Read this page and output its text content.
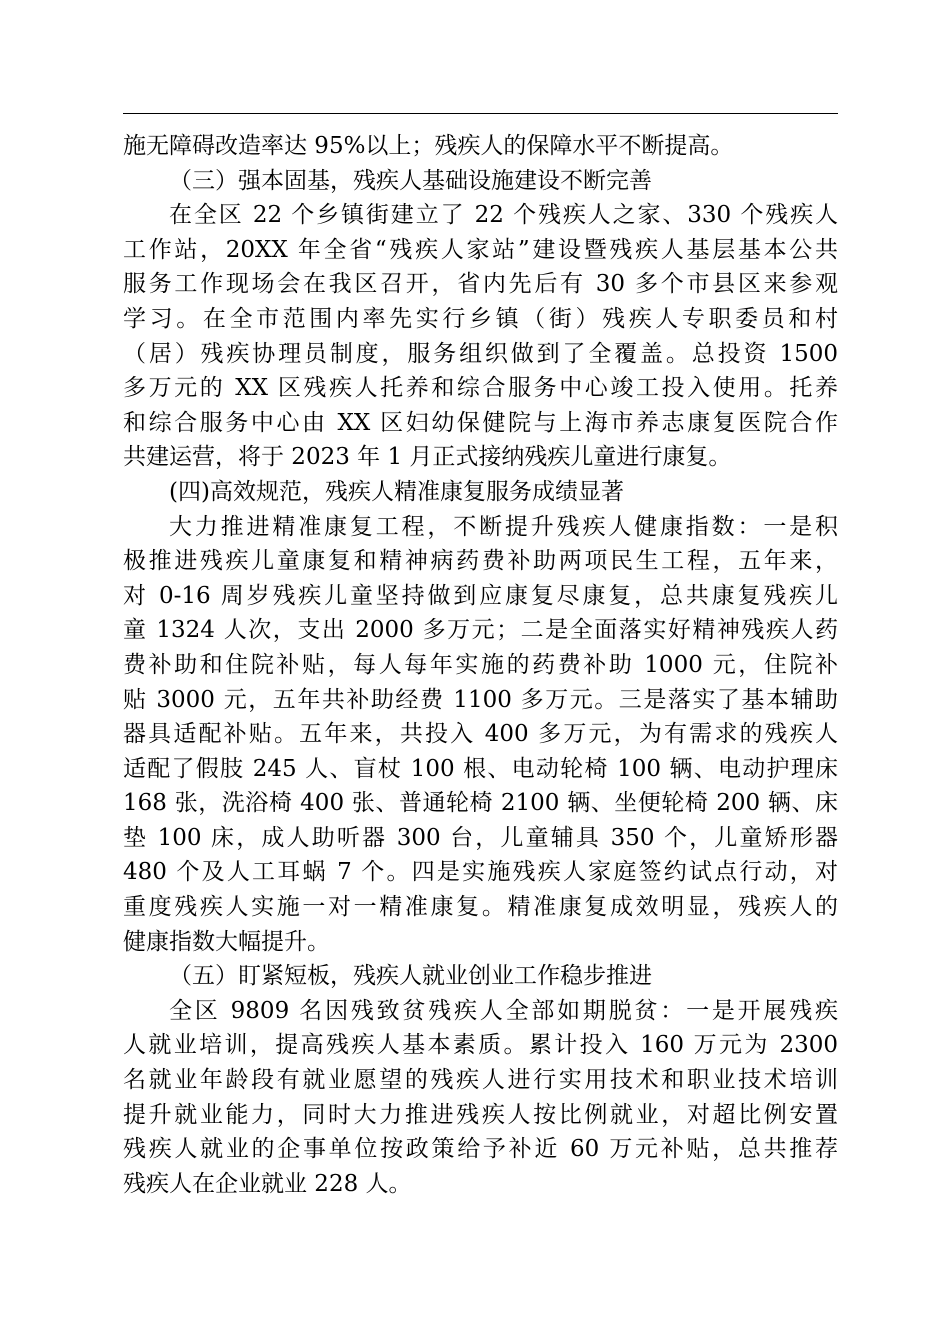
施无障碍改造率达 95%以上；残疾人的保障水平不断提高。
（三）强本固基，残疾人基础设施建设不断完善
在全区 22 个乡镇街建立了 22 个残疾人之家、330 个残疾人
工作站，20XX 年全省“残疾人家站”建设暨残疾人基层基本公共
服务工作现场会在我区召开，省内先后有 30 多个市县区来参观
学习。在全市范围内率先实行乡镇（街）残疾人专职委员和村
（居）残疾协理员制度，服务组织做到了全覆盖。总投资 1500
多万元的 XX 区残疾人托养和综合服务中心竣工投入使用。托养
和综合服务中心由 XX 区妇幼保健院与上海市养志康复医院合作
共建运营，将于 2023 年 1 月正式接纳残疾儿童进行康复。
(四)高效规范，残疾人精准康复服务成绩显著
大力推进精准康复工程，不断提升残疾人健康指数：一是积
极推进残疾儿童康复和精神病药费补助两项民生工程，五年来，
对 0-16 周岁残疾儿童坚持做到应康复尽康复，总共康复残疾儿
童 1324 人次，支出 2000 多万元；二是全面落实好精神残疾人药
费补助和住院补贴，每人每年实施的药费补助 1000 元，住院补
贴 3000 元，五年共补助经费 1100 多万元。三是落实了基本辅助
器具适配补贴。五年来，共投入 400 多万元，为有需求的残疾人
适配了假肢 245 人、盲杖 100 根、电动轮椅 100 辆、电动护理床
168 张，洗浴椅 400 张、普通轮椅 2100 辆、坐便轮椅 200 辆、床
垫 100 床，成人助听器 300 台，儿童辅具 350 个，儿童矫形器
480 个及人工耳蜗 7 个。四是实施残疾人家庭签约试点行动，对
重度残疾人实施一对一精准康复。精准康复成效明显，残疾人的
健康指数大幅提升。
（五）盯紧短板，残疾人就业创业工作稳步推进
全区 9809 名因残致贫残疾人全部如期脱贫：一是开展残疾
人就业培训，提高残疾人基本素质。累计投入 160 万元为 2300
名就业年龄段有就业愿望的残疾人进行实用技术和职业技术培训
提升就业能力，同时大力推进残疾人按比例就业，对超比例安置
残疾人就业的企事单位按政策给予补近 60 万元补贴，总共推荐
残疾人在企业就业 228 人。
